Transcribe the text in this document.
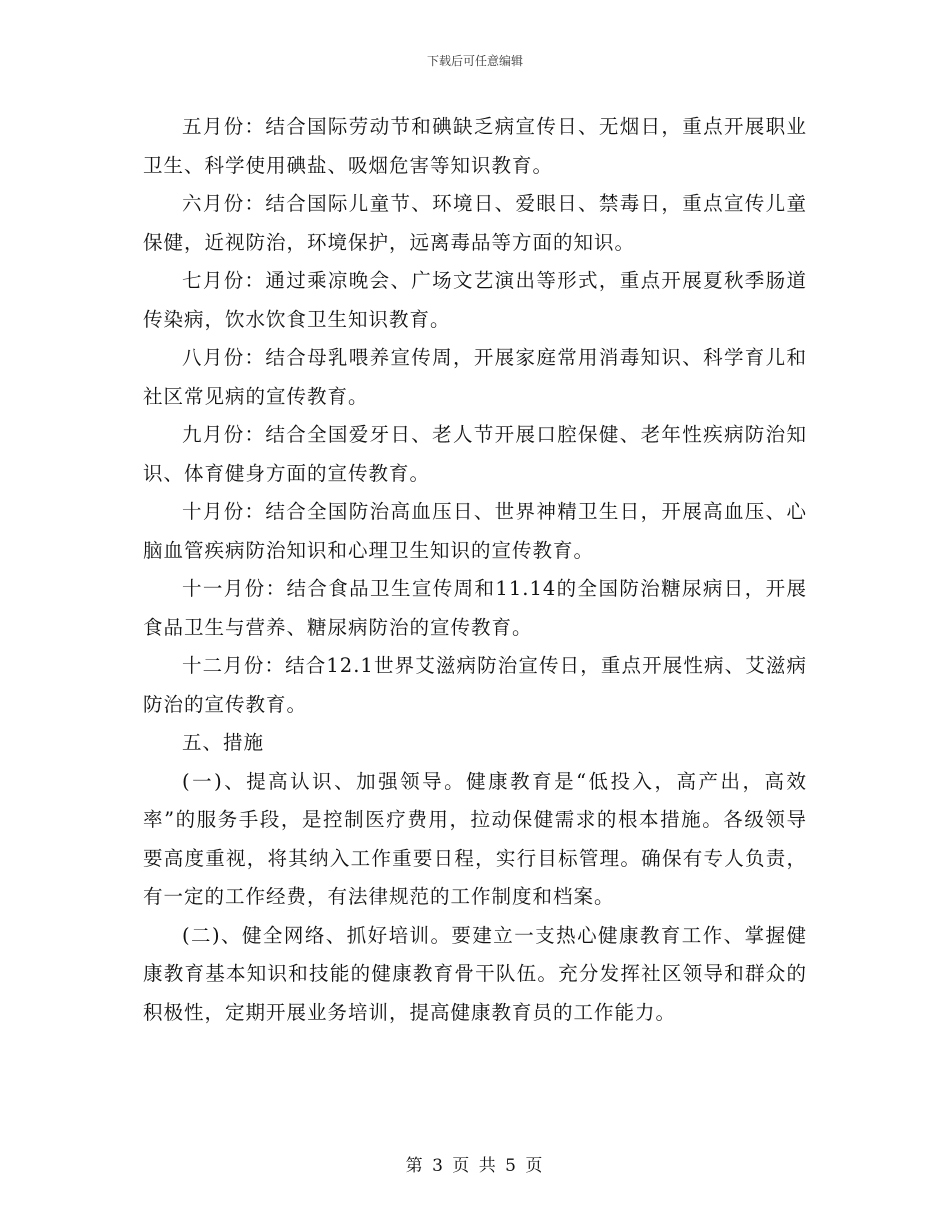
下载后可任意编辑

五月份：结合国际劳动节和碘缺乏病宣传日、无烟日，重点开展职业卫生、科学使用碘盐、吸烟危害等知识教育。

六月份：结合国际儿童节、环境日、爱眼日、禁毒日，重点宣传儿童保健，近视防治，环境保护，远离毒品等方面的知识。

七月份：通过乘凉晚会、广场文艺演出等形式，重点开展夏秋季肠道传染病，饮水饮食卫生知识教育。

八月份：结合母乳喂养宣传周，开展家庭常用消毒知识、科学育儿和社区常见病的宣传教育。

九月份：结合全国爱牙日、老人节开展口腔保健、老年性疾病防治知识、体育健身方面的宣传教育。

十月份：结合全国防治高血压日、世界神精卫生日，开展高血压、心脑血管疾病防治知识和心理卫生知识的宣传教育。

十一月份：结合食品卫生宣传周和11.14的全国防治糖尿病日，开展食品卫生与营养、糖尿病防治的宣传教育。

十二月份：结合12.1世界艾滋病防治宣传日，重点开展性病、艾滋病防治的宣传教育。

五、措施

(一)、提高认识、加强领导。健康教育是“低投入，高产出，高效率”的服务手段，是控制医疗费用，拉动保健需求的根本措施。各级领导要高度重视，将其纳入工作重要日程，实行目标管理。确保有专人负责，有一定的工作经费，有法律规范的工作制度和档案。

(二)、健全网络、抓好培训。要建立一支热心健康教育工作、掌握健康教育基本知识和技能的健康教育骨干队伍。充分发挥社区领导和群众的积极性，定期开展业务培训，提高健康教育员的工作能力。

第 3 页 共 5 页
